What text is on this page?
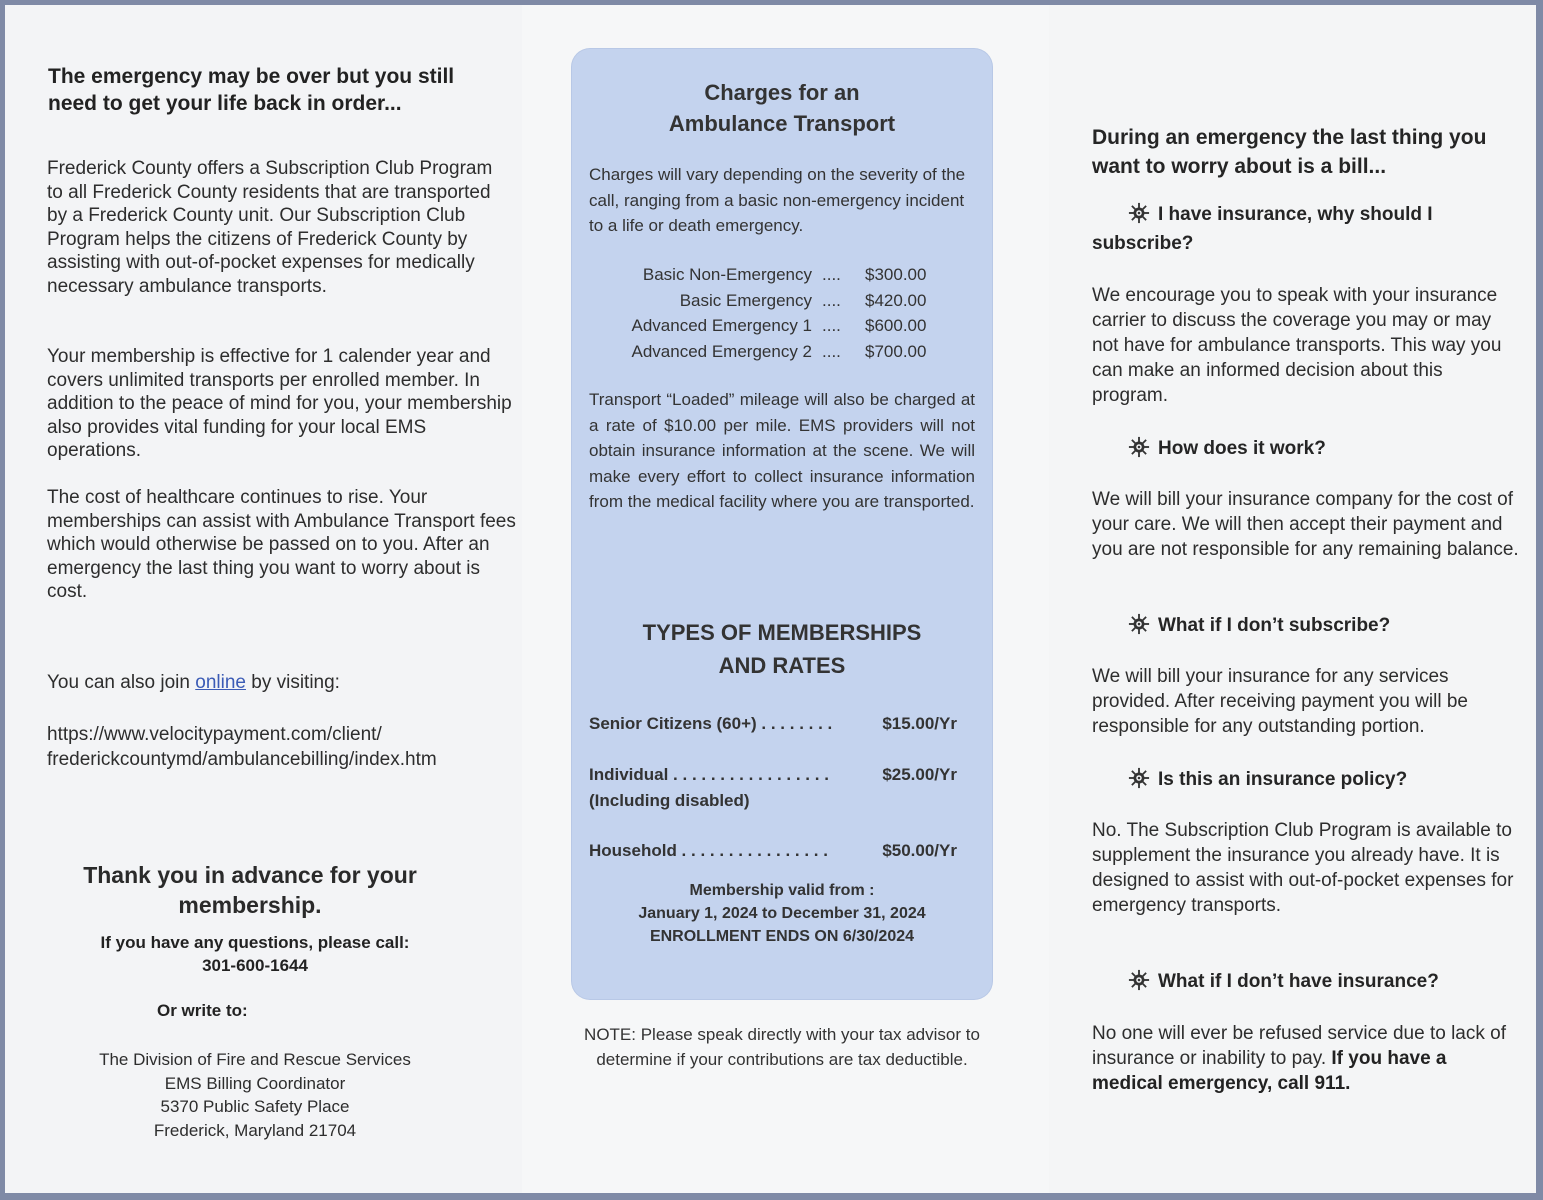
The emergency may be over but you still need to get your life back in order...
Frederick County offers a Subscription Club Program to all Frederick County residents that are transported by a Frederick County unit. Our Subscription Club Program helps the citizens of Frederick County by assisting with out-of-pocket expenses for medically necessary ambulance transports.
Your membership is effective for 1 calender year and covers unlimited transports per enrolled member. In addition to the peace of mind for you, your membership also provides vital funding for your local EMS operations.
The cost of healthcare continues to rise. Your memberships can assist with Ambulance Transport fees which would otherwise be passed on to you. After an emergency the last thing you want to worry about is cost.
You can also join online by visiting:
https://www.velocitypayment.com/client/
frederickcountymd/ambulancebilling/index.htm
Thank you in advance for your membership.
If you have any questions, please call:
301-600-1644
Or write to:
The Division of Fire and Rescue Services
EMS Billing Coordinator
5370 Public Safety Place
Frederick, Maryland 21704
Charges for an
Ambulance Transport
Charges will vary depending on the severity of the call, ranging from a basic non-emergency incident to a life or death emergency.
Basic Non-Emergency .... $300.00
Basic Emergency .... $420.00
Advanced Emergency 1 .... $600.00
Advanced Emergency 2 .... $700.00
Transport “Loaded” mileage will also be charged at a rate of $10.00 per mile. EMS providers will not obtain insurance information at the scene. We will make every effort to collect insurance information from the medical facility where you are transported.
TYPES OF MEMBERSHIPS
AND RATES
Senior Citizens (60+) . . . . . . . .	$15.00/Yr
Individual . . . . . . . . . . . . . . . . .	$25.00/Yr
(Including disabled)
Household . . . . . . . . . . . . . . . .	$50.00/Yr
Membership valid from :
January 1, 2024 to December 31, 2024
ENROLLMENT ENDS ON 6/30/2024
NOTE: Please speak directly with your tax advisor to determine if your contributions are tax deductible.
During an emergency the last thing you want to worry about is a bill...
I have insurance, why should I subscribe?
We encourage you to speak with your insurance carrier to discuss the coverage you may or may not have for ambulance transports. This way you can make an informed decision about this program.
How does it work?
We will bill your insurance company for the cost of your care. We will then accept their payment and you are not responsible for any remaining balance.
What if I don’t subscribe?
We will bill your insurance for any services provided. After receiving payment you will be responsible for any outstanding portion.
Is this an insurance policy?
No. The Subscription Club Program is available to supplement the insurance you already have. It is designed to assist with out-of-pocket expenses for emergency transports.
What if I don’t have insurance?
No one will ever be refused service due to lack of insurance or inability to pay. If you have a medical emergency, call 911.
